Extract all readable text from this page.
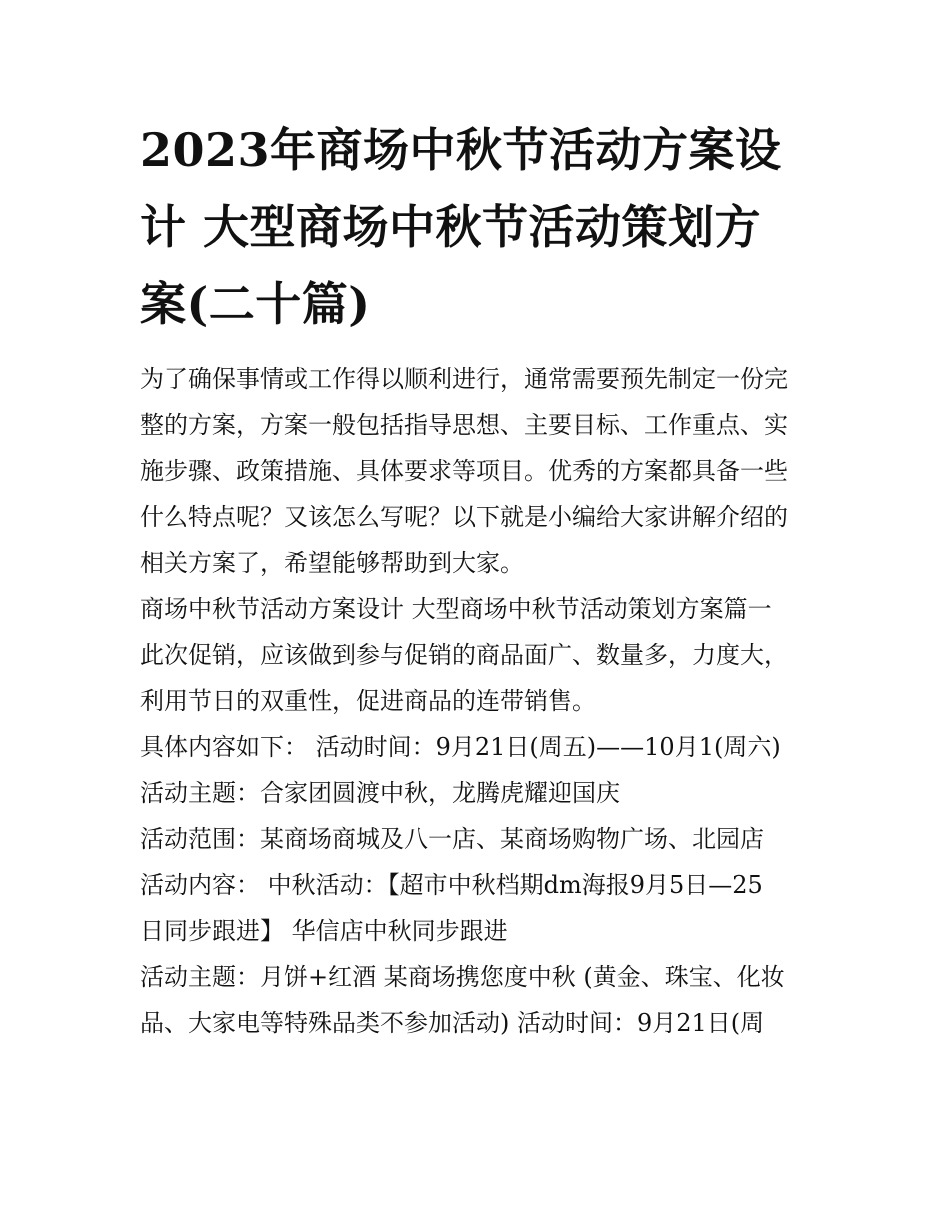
2023年商场中秋节活动方案设
计 大型商场中秋节活动策划方
案(二十篇)

为了确保事情或工作得以顺利进行，通常需要预先制定一份完
整的方案，方案一般包括指导思想、主要目标、工作重点、实
施步骤、政策措施、具体要求等项目。优秀的方案都具备一些
什么特点呢？又该怎么写呢？以下就是小编给大家讲解介绍的
相关方案了，希望能够帮助到大家。

商场中秋节活动方案设计 大型商场中秋节活动策划方案篇一

此次促销，应该做到参与促销的商品面广、数量多，力度大，
利用节日的双重性，促进商品的连带销售。

具体内容如下： 活动时间：9月21日(周五)——10月1(周六)

活动主题：合家团圆渡中秋，龙腾虎耀迎国庆

活动范围：某商场商城及八一店、某商场购物广场、北园店

活动内容： 中秋活动：【超市中秋档期dm海报9月5日—25
日同步跟进】 华信店中秋同步跟进

活动主题：月饼+红酒 某商场携您度中秋 (黄金、珠宝、化妆
品、大家电等特殊品类不参加活动) 活动时间：9月21日(周
